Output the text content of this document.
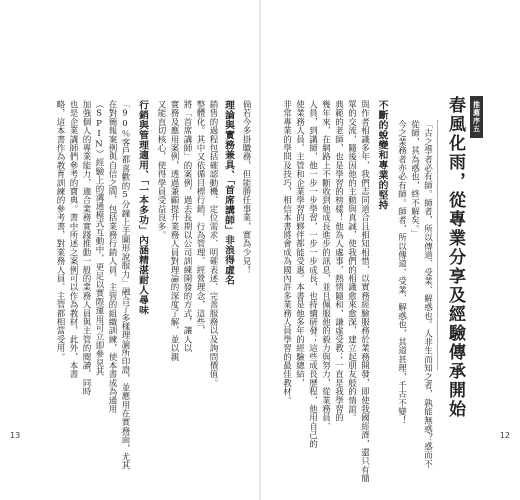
倘若今多掛職務，但能勝任事業，實為少見！
理論與實務兼具、「首席講師」非浪得虛名
銷售的過程包括確認動機、定位需求、明確表述、完善服務以及詢問價值。
整體化。其中又依循目標行銷、行為管理、經營理念，這些，
將「首席講師」的案例，過去長期以公司訓練開發的方式，讓人以
實務及應用案例，透過兼顧提升業務人員對理論的深度了解，並以親
又能直切核心，使得學員受益良多。
行銷與管理適用、「一本多功」內涵精湛耐人尋味
「90％客戶都喜歡的5分鐘上手圖形說服力」融合了多樣理論所印證，並應用在實務面，尤其
在對簡報案例與自信之間，包括業務行銷人員、主管的組織訓練，使本書成為通用
（SPIN）經驗上的溝通模式互動中，更足以實際運用可立即參見其
加強個人的專業能力，適合業務實踐推動一般的業務人員與主管的閱讀，同時
也是企業講師們參考的寶典。書中所述之案例可以作為教材，此外，本書
略，這本書作為教育訓練的參考書，對業務人員、主管都相當受用。
13
推薦序五
春風化雨，從專業分享及經驗傳承開始
「古之學者必有師。師者，所以傳道、受業、解惑也。人非生而知之者，孰能無惑？惑而不
從師，其為惑也，終不解矣。」
今之業務者亦必有師。師者，所以傳道、受業、解惑也，其道甚理，千古不變！
不斷的蛻變和專業的堅持
與作者相識多年，我們志同道合且相知相惜，以實務經驗服務於業務開發，即使我國經濟，還只有簡
單的交流，隨後因他的主動與真誠，使我們的相識愈來愈深，建立起朋友般的情誼。
典範的老師，也是學習的榜樣！他為人處事，熱情隨和，謙虛受教；一直是我學習的
幾年來，在網路上不斷收到他成長進步的訊息，並且佩服他的毅力與努力，從業務員、
人員，到講師，他一步一步學習，一步一步成長，也持續研發；這些成長歷程，他用自己的
使業務人員、主管和企業學習的夥伴都能受惠。本書是他多年的經驗總結，
非常專業的學問及技巧，相信本書將會成為國內許多業務人員學習的最佳教材。
12
